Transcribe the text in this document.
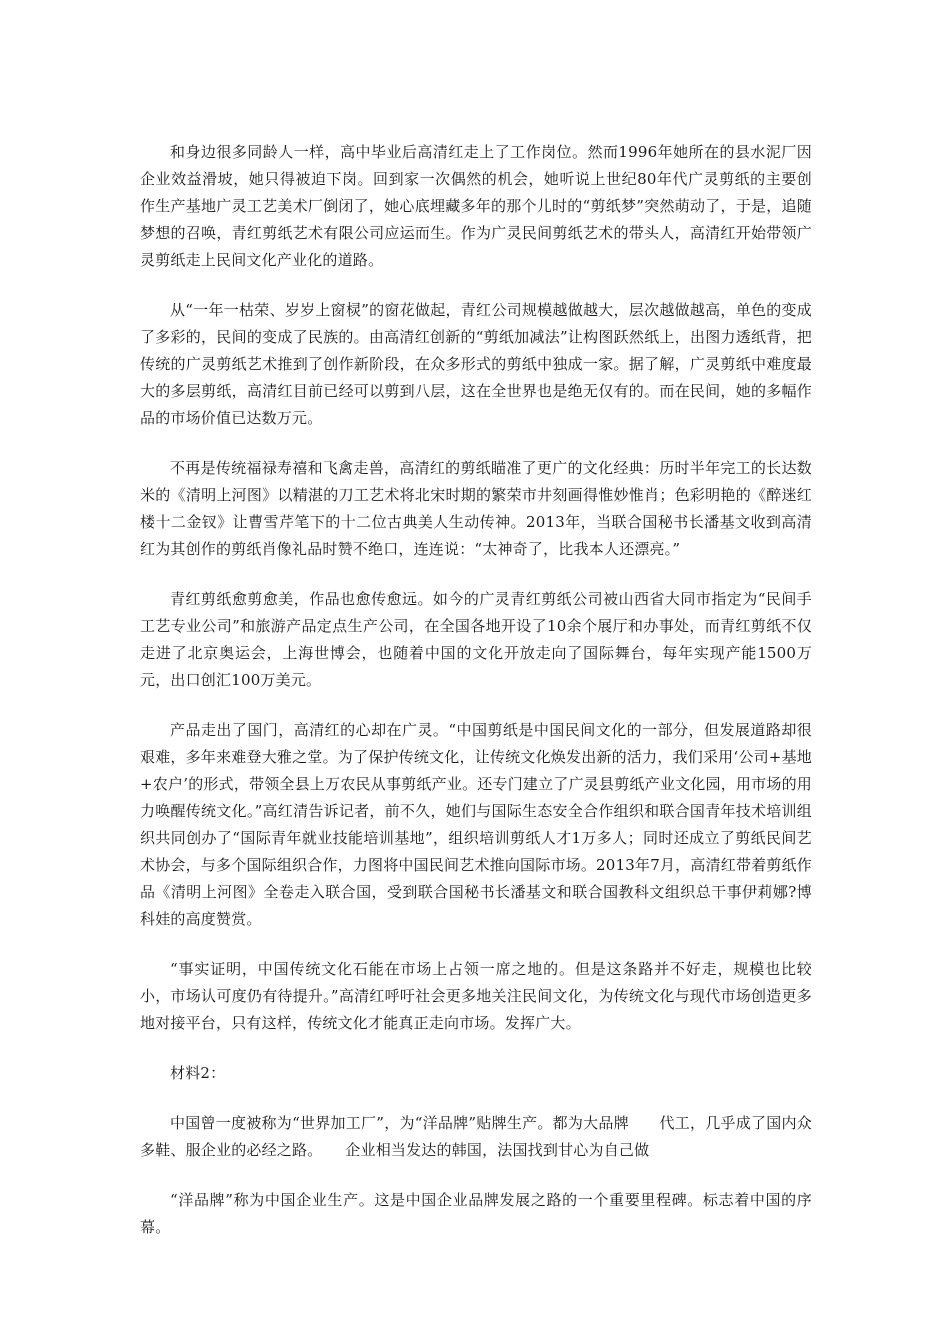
和身边很多同龄人一样，高中毕业后高清红走上了工作岗位。然而1996年她所在的县水泥厂因企业效益滑坡，她只得被迫下岗。回到家一次偶然的机会，她听说上世纪80年代广灵剪纸的主要创作生产基地广灵工艺美术厂倒闭了，她心底埋藏多年的那个儿时的“剪纸梦”突然萌动了，于是，追随梦想的召唤，青红剪纸艺术有限公司应运而生。作为广灵民间剪纸艺术的带头人，高清红开始带领广灵剪纸走上民间文化产业化的道路。

从“一年一枯荣、岁岁上窗棂”的窗花做起，青红公司规模越做越大，层次越做越高，单色的变成了多彩的，民间的变成了民族的。由高清红创新的“剪纸加减法”让构图跃然纸上，出图力透纸背，把传统的广灵剪纸艺术推到了创作新阶段，在众多形式的剪纸中独成一家。据了解，广灵剪纸中难度最大的多层剪纸，高清红目前已经可以剪到八层，这在全世界也是绝无仅有的。而在民间，她的多幅作品的市场价值已达数万元。

不再是传统福禄寿禧和飞禽走兽，高清红的剪纸瞄准了更广的文化经典：历时半年完工的长达数米的《清明上河图》以精湛的刀工艺术将北宋时期的繁荣市井刻画得惟妙惟肖；色彩明艳的《醉迷红楼十二金钗》让曹雪芹笔下的十二位古典美人生动传神。2013年，当联合国秘书长潘基文收到高清红为其创作的剪纸肖像礼品时赞不绝口，连连说：“太神奇了，比我本人还漂亮。”

青红剪纸愈剪愈美，作品也愈传愈远。如今的广灵青红剪纸公司被山西省大同市指定为“民间手工艺专业公司”和旅游产品定点生产公司，在全国各地开设了10余个展厅和办事处，而青红剪纸不仅走进了北京奥运会，上海世博会，也随着中国的文化开放走向了国际舞台，每年实现产能1500万元，出口创汇100万美元。

产品走出了国门，高清红的心却在广灵。“中国剪纸是中国民间文化的一部分，但发展道路却很艰难，多年来难登大雅之堂。为了保护传统文化，让传统文化焕发出新的活力，我们采用‘公司+基地+农户’的形式，带领全县上万农民从事剪纸产业。还专门建立了广灵县剪纸产业文化园，用市场的用力唤醒传统文化。”高红清告诉记者，前不久，她们与国际生态安全合作组织和联合国青年技术培训组织共同创办了“国际青年就业技能培训基地”，组织培训剪纸人才1万多人；同时还成立了剪纸民间艺术协会，与多个国际组织合作，力图将中国民间艺术推向国际市场。2013年7月，高清红带着剪纸作品《清明上河图》全卷走入联合国，受到联合国秘书长潘基文和联合国教科文组织总干事伊莉娜?博科娃的高度赞赏。

“事实证明，中国传统文化石能在市场上占领一席之地的。但是这条路并不好走，规模也比较小，市场认可度仍有待提升。”高清红呼吁社会更多地关注民间文化，为传统文化与现代市场创造更多地对接平台，只有这样，传统文化才能真正走向市场。发挥广大。

材料2：

中国曾一度被称为“世界加工厂”，为“洋品牌”贴牌生产。都为大品牌　　代工，几乎成了国内众多鞋、服企业的必经之路。　　企业相当发达的韩国，法国找到甘心为自己做

“洋品牌”称为中国企业生产。这是中国企业品牌发展之路的一个重要里程碑。标志着中国的序幕。
